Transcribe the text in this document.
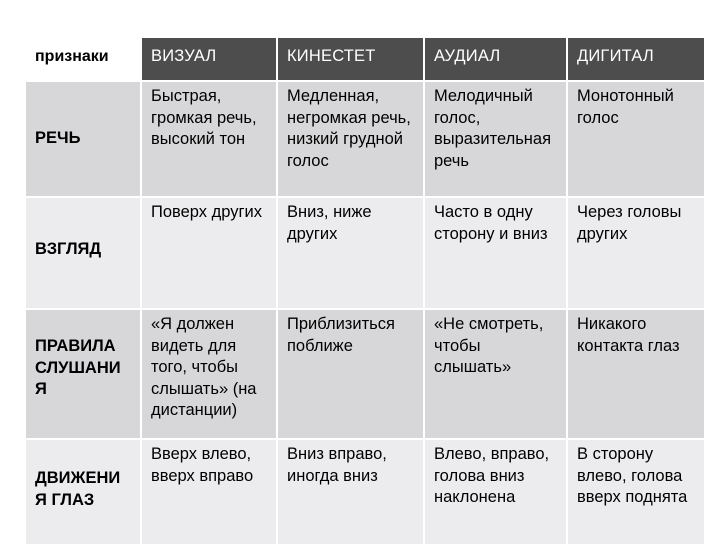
признаки	ВИЗУАЛ	КИНЕСТЕТ	АУДИАЛ	ДИГИТАЛ

РЕЧЬ	Быстрая, громкая речь, высокий тон	Медленная, негромкая речь, низкий грудной голос	Мелодичный голос, выразительная речь	Монотонный голос

ВЗГЛЯД	Поверх других	Вниз, ниже других	Часто в одну сторону и вниз	Через головы других

ПРАВИЛА СЛУШАНИ Я	«Я должен видеть для того, чтобы слышать» (на дистанции)	Приблизиться поближе	«Не смотреть, чтобы слышать»	Никакого контакта глаз

ДВИЖЕНИ Я ГЛАЗ	Вверх влево, вверх вправо	Вниз вправо, иногда вниз	Влево, вправо, голова вниз наклонена	В сторону влево, голова вверх поднята
